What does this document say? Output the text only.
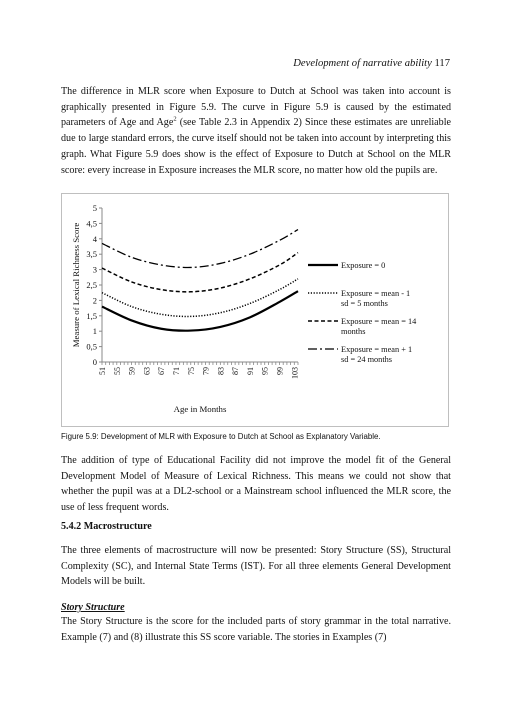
Development of narrative ability 117

The difference in MLR score when Exposure to Dutch at School was taken into account is graphically presented in Figure 5.9. The curve in Figure 5.9 is caused by the estimated parameters of Age and Age$^2$ (see Table 2.3 in Appendix 2) Since these estimates are unreliable due to large standard errors, the curve itself should not be taken into account by interpreting this graph. What Figure 5.9 does show is the effect of Exposure to Dutch at School on the MLR score: every increase in Exposure increases the MLR score, no matter how old the pupils are.

0
0,5
1
1,5
2
2,5
3
3,5
4
4,5
5
51 55 59 63 67 71 75 79 83 87 91 95 99 103
Age in Months
Measure of Lexical Richness Score	Exposure = 0
Exposure = mean - 1 sd = 5 months
Exposure = mean = 14 months
Exposure = mean + 1 sd = 24 months

Figure 5.9: Development of MLR with Exposure to Dutch at School as Explanatory Variable.

The addition of type of Educational Facility did not improve the model fit of the General Development Model of Measure of Lexical Richness. This means we could not show that whether the pupil was at a DL2-school or a Mainstream school influenced the MLR score, the use of less frequent words.

5.4.2 Macrostructure

The three elements of macrostructure will now be presented: Story Structure (SS), Structural Complexity (SC), and Internal State Terms (IST). For all three elements General Development Models will be built.

Story Structure

The Story Structure is the score for the included parts of story grammar in the total narrative. Example (7) and (8) illustrate this SS score variable. The stories in Examples (7)
